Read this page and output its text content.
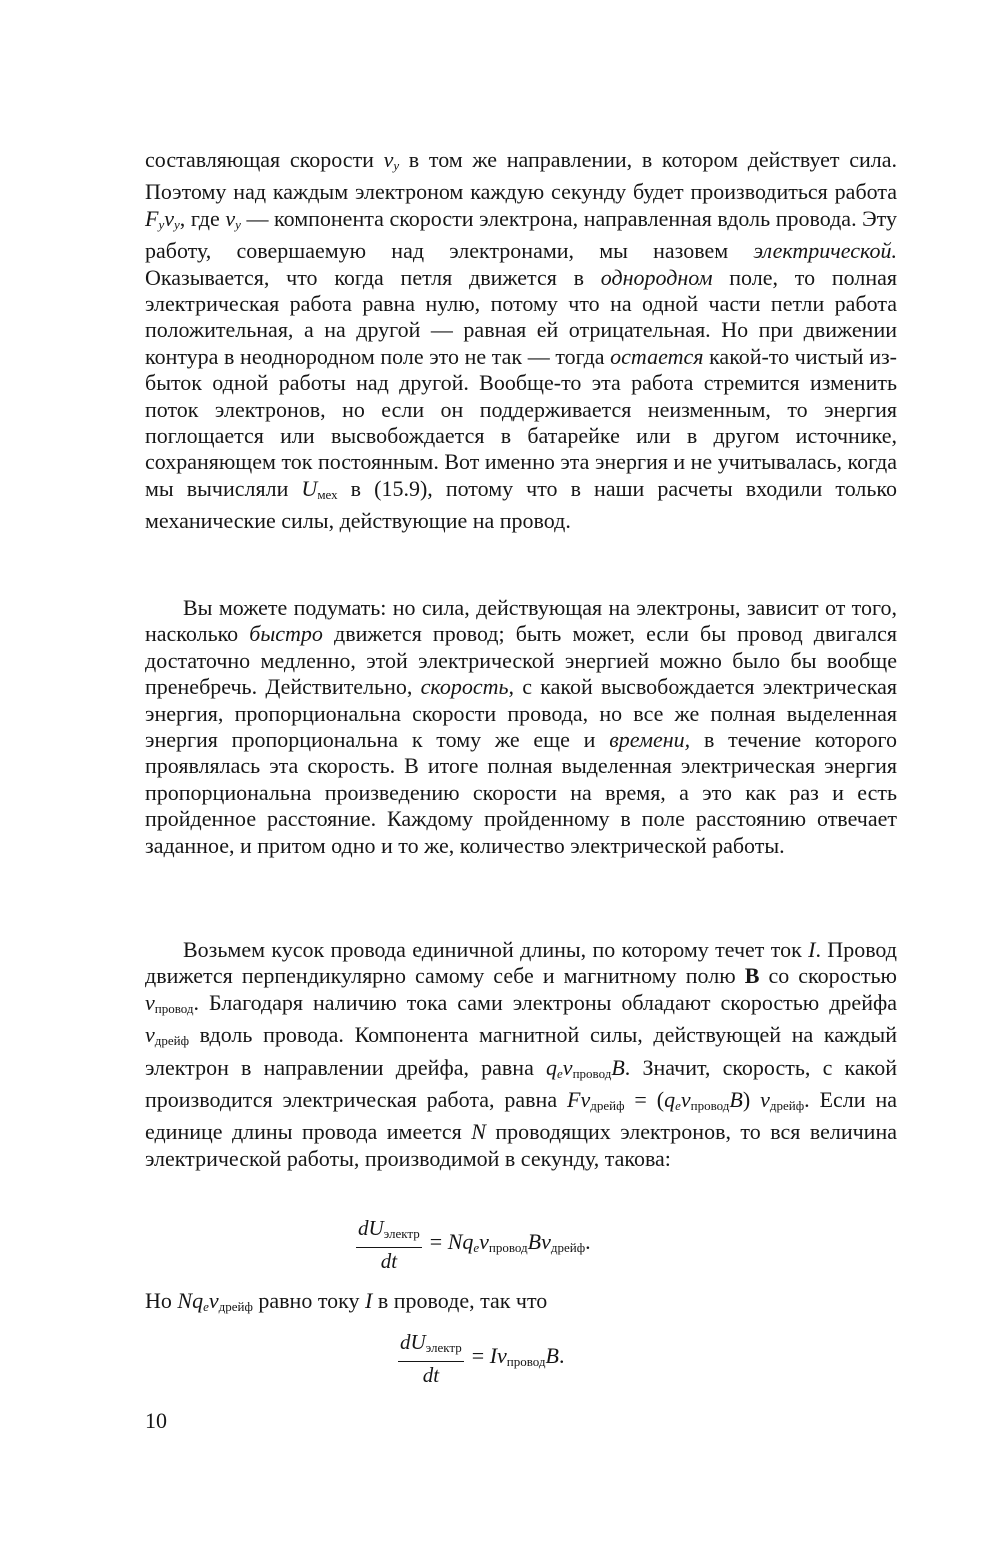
составляющая скорости $v_y$ в том же направлении, в котором действует сила. Поэтому над каждым электроном каждую секунду будет производиться работа $F_yv_y$, где $v_y$ — компонента скорости электрона, направленная вдоль провода. Эту работу, совершаемую над электронами, мы назовем электрической. Оказывается, что когда петля движется в однородном поле, то полная электрическая работа равна нулю, потому что на одной части петли работа положительная, а на другой — равная ей отрицательная. Но при движении контура в неоднородном поле это не так — тогда остается какой-то чистый избыток одной работы над другой. Вообще-то эта работа стремится изменить поток электронов, но если он поддерживается неизменным, то энергия поглощается или высвобождается в батарейке или в другом источнике, сохраняющем ток постоянным. Вот именно эта энергия и не учитывалась, когда мы вычисляли $U_{мех}$ в (15.9), потому что в наши расчеты входили только механические силы, действующие на провод.

Вы можете подумать: но сила, действующая на электроны, зависит от того, насколько быстро движется провод; быть может, если бы провод двигался достаточно медленно, этой электрической энергией можно было бы вообще пренебречь. Действительно, скорость, с какой высвобождается электрическая энергия, пропорциональна скорости провода, но все же полная выделенная энергия пропорциональна к тому же еще и времени, в течение которого проявлялась эта скорость. В итоге полная выделенная электрическая энергия пропорциональна произведению скорости на время, а это как раз и есть пройденное расстояние. Каждому пройденному в поле расстоянию отвечает заданное, и притом одно и то же, количество электрической работы.

Возьмем кусок провода единичной длины, по которому течет ток I. Провод движется перпендикулярно самому себе и магнитному полю B со скоростью $v_{провод}$. Благодаря наличию тока сами электроны обладают скоростью дрейфа $v_{дрейф}$ вдоль провода. Компонента магнитной силы, действующей на каждый электрон в направлении дрейфа, равна $q_ev_{провод}B$. Значит, скорость, с какой производится электрическая работа, равна $Fv_{дрейф} = (q_ev_{провод}B)$ $v_{дрейф}$. Если на единице длины провода имеется N проводящих электронов, то вся величина электрической работы, производимой в секунду, такова:

$\frac{dU_{электр}}{dt} = Nq_ev_{провод}Bv_{дрейф}$.

Но $Nq_ev_{дрейф}$ равно току I в проводе, так что

$\frac{dU_{электр}}{dt} = Iv_{провод}B$.

10
